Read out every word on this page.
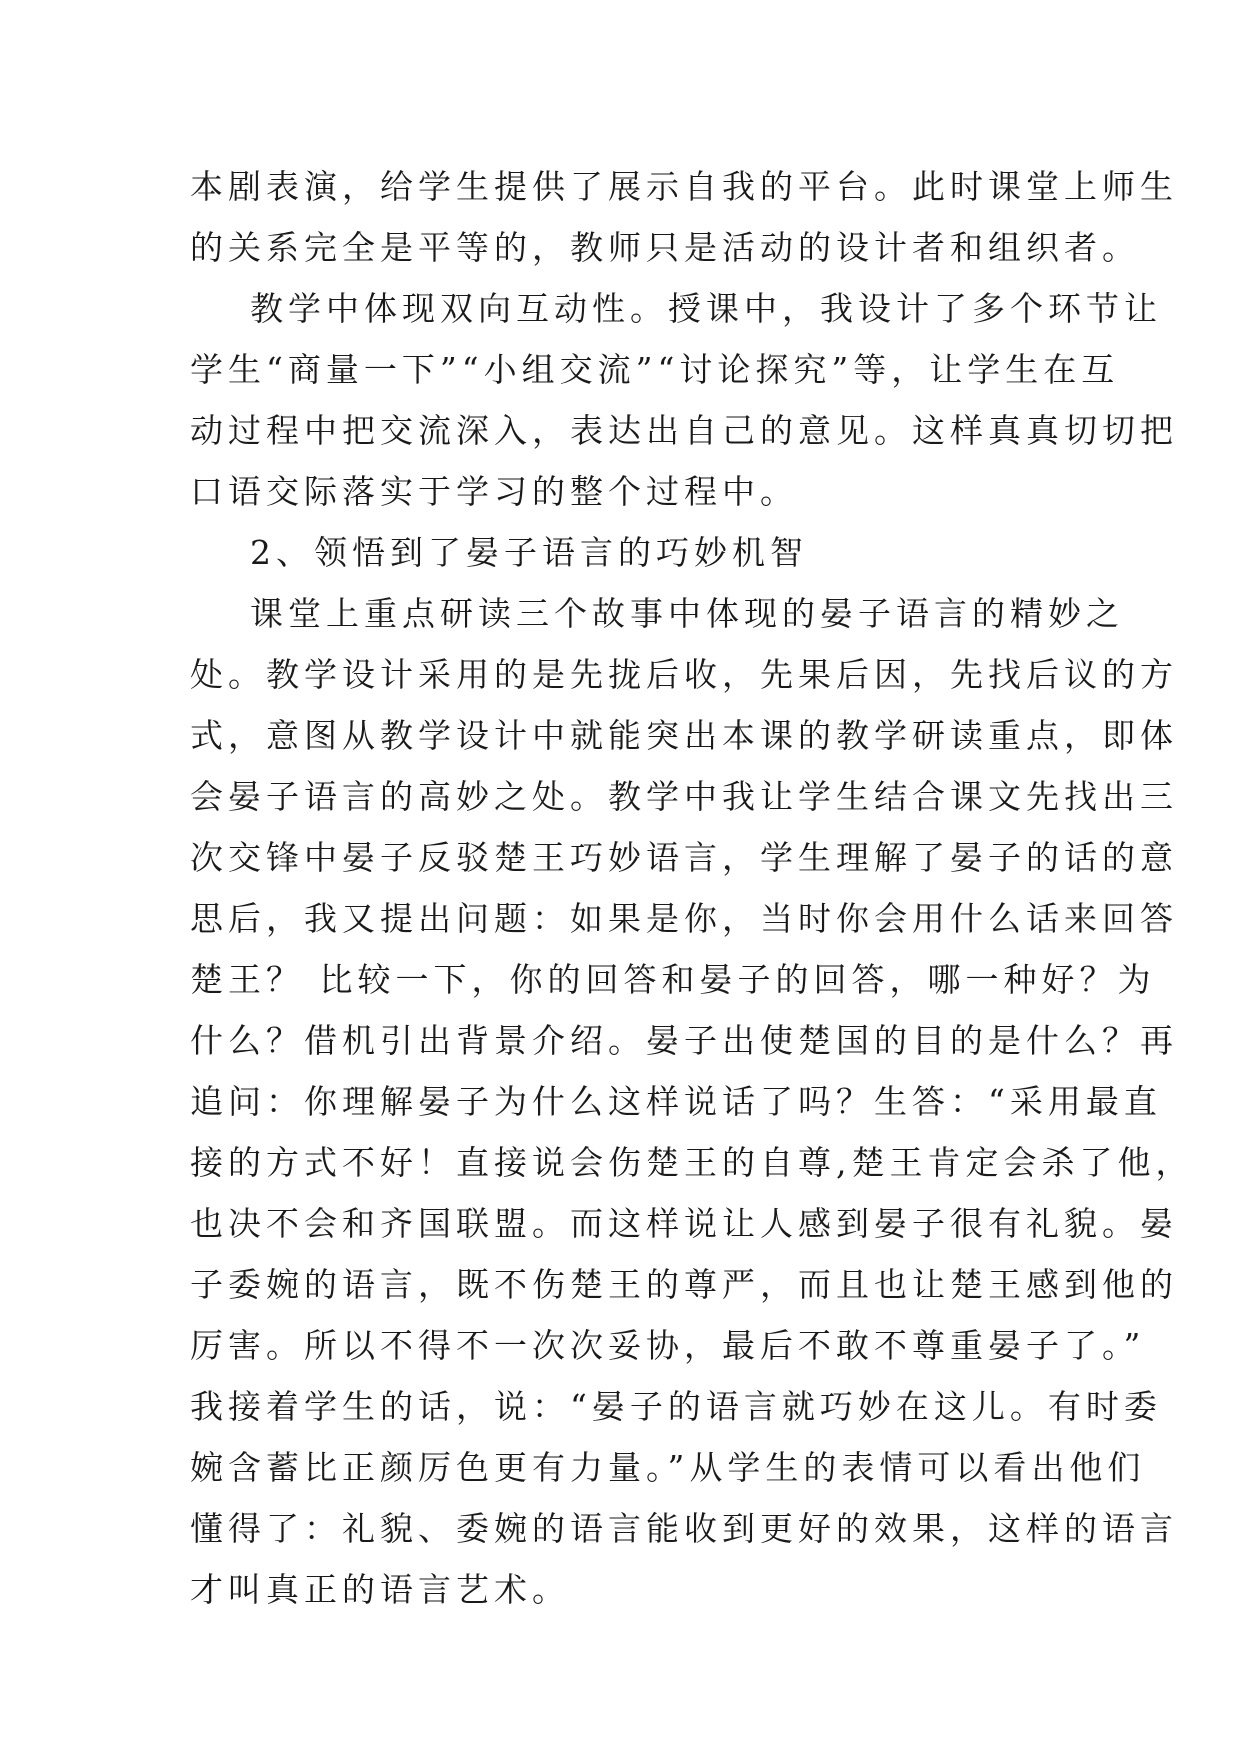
本剧表演，给学生提供了展示自我的平台。此时课堂上师生
的关系完全是平等的，教师只是活动的设计者和组织者。
教学中体现双向互动性。授课中，我设计了多个环节让
学生“商量一下”“小组交流”“讨论探究”等，让学生在互
动过程中把交流深入，表达出自己的意见。这样真真切切把
口语交际落实于学习的整个过程中。
2、领悟到了晏子语言的巧妙机智
课堂上重点研读三个故事中体现的晏子语言的精妙之
处。教学设计采用的是先拢后收，先果后因，先找后议的方
式，意图从教学设计中就能突出本课的教学研读重点，即体
会晏子语言的高妙之处。教学中我让学生结合课文先找出三
次交锋中晏子反驳楚王巧妙语言，学生理解了晏子的话的意
思后，我又提出问题：如果是你，当时你会用什么话来回答
楚王？ 比较一下，你的回答和晏子的回答，哪一种好？为
什么？借机引出背景介绍。晏子出使楚国的目的是什么？再
追问：你理解晏子为什么这样说话了吗？生答：“采用最直
接的方式不好！直接说会伤楚王的自尊,楚王肯定会杀了他，
也决不会和齐国联盟。而这样说让人感到晏子很有礼貌。晏
子委婉的语言，既不伤楚王的尊严，而且也让楚王感到他的
厉害。所以不得不一次次妥协，最后不敢不尊重晏子了。”
我接着学生的话，说：“晏子的语言就巧妙在这儿。有时委
婉含蓄比正颜厉色更有力量。”从学生的表情可以看出他们
懂得了：礼貌、委婉的语言能收到更好的效果，这样的语言
才叫真正的语言艺术。
